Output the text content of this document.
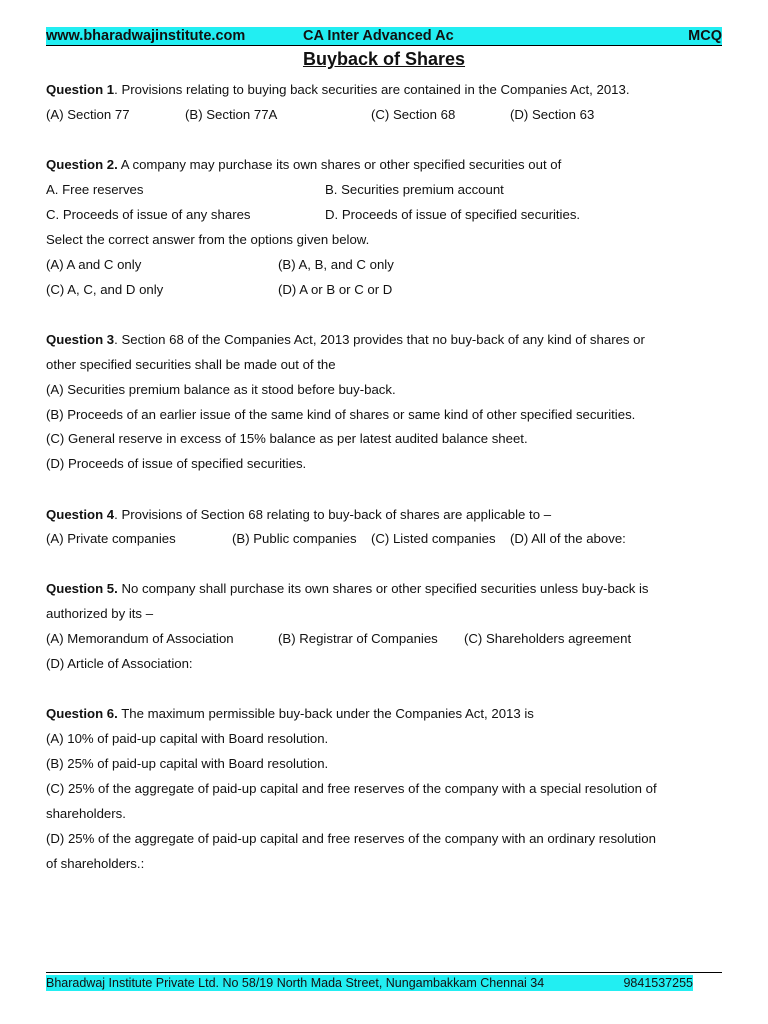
www.bharadwajinstitute.com	CA Inter Advanced Ac	MCQ
Buyback of Shares
Question 1. Provisions relating to buying back securities are contained in the Companies Act, 2013.
(A) Section 77	(B) Section 77A	(C) Section 68	(D) Section 63
Question 2. A company may purchase its own shares or other specified securities out of
A. Free reserves	B. Securities premium account
C. Proceeds of issue of any shares	D. Proceeds of issue of specified securities.
Select the correct answer from the options given below.
(A) A and C only	(B) A, B, and C only
(C) A, C, and D only	(D) A or B or C or D
Question 3. Section 68 of the Companies Act, 2013 provides that no buy-back of any kind of shares or
other specified securities shall be made out of the
(A) Securities premium balance as it stood before buy-back.
(B) Proceeds of an earlier issue of the same kind of shares or same kind of other specified securities.
(C) General reserve in excess of 15% balance as per latest audited balance sheet.
(D) Proceeds of issue of specified securities.
Question 4. Provisions of Section 68 relating to buy-back of shares are applicable to –
(A) Private companies	(B) Public companies (C) Listed companies (D) All of the above:
Question 5. No company shall purchase its own shares or other specified securities unless buy-back is
authorized by its –
(A) Memorandum of Association	(B) Registrar of Companies (C) Shareholders agreement
(D) Article of Association:
Question 6. The maximum permissible buy-back under the Companies Act, 2013 is
(A) 10% of paid-up capital with Board resolution.
(B) 25% of paid-up capital with Board resolution.
(C) 25% of the aggregate of paid-up capital and free reserves of the company with a special resolution of
shareholders.
(D) 25% of the aggregate of paid-up capital and free reserves of the company with an ordinary resolution
of shareholders.:
Bharadwaj Institute Private Ltd. No 58/19 North Mada Street, Nungambakkam Chennai 34	9841537255
